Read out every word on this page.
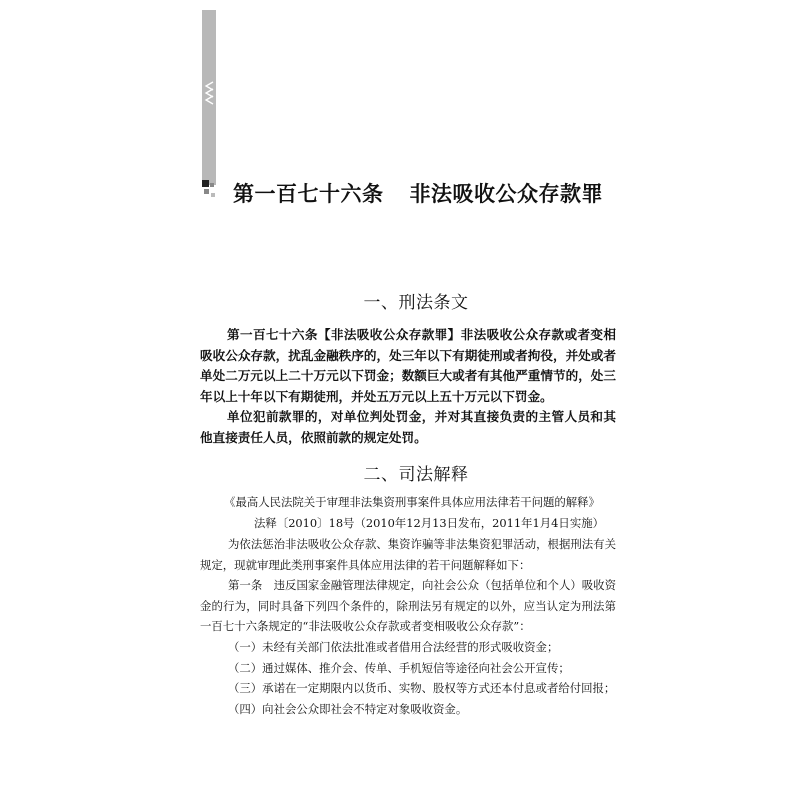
第一百七十六条 非法吸收公众存款罪
一、刑法条文
第一百七十六条【非法吸收公众存款罪】非法吸收公众存款或者变相吸收公众存款，扰乱金融秩序的，处三年以下有期徒刑或者拘役，并处或者单处二万元以上二十万元以下罚金；数额巨大或者有其他严重情节的，处三年以上十年以下有期徒刑，并处五万元以上五十万元以下罚金。
单位犯前款罪的，对单位判处罚金，并对其直接负责的主管人员和其他直接责任人员，依照前款的规定处罚。
二、司法解释
《最高人民法院关于审理非法集资刑事案件具体应用法律若干问题的解释》
法释〔2010〕18号（2010年12月13日发布，2011年1月4日实施）
为依法惩治非法吸收公众存款、集资诈骗等非法集资犯罪活动，根据刑法有关规定，现就审理此类刑事案件具体应用法律的若干问题解释如下：
第一条　违反国家金融管理法律规定，向社会公众（包括单位和个人）吸收资金的行为，同时具备下列四个条件的，除刑法另有规定的以外，应当认定为刑法第一百七十六条规定的“非法吸收公众存款或者变相吸收公众存款”：
（一）未经有关部门依法批准或者借用合法经营的形式吸收资金；
（二）通过媒体、推介会、传单、手机短信等途径向社会公开宣传；
（三）承诺在一定期限内以货币、实物、股权等方式还本付息或者给付回报；
（四）向社会公众即社会不特定对象吸收资金。
